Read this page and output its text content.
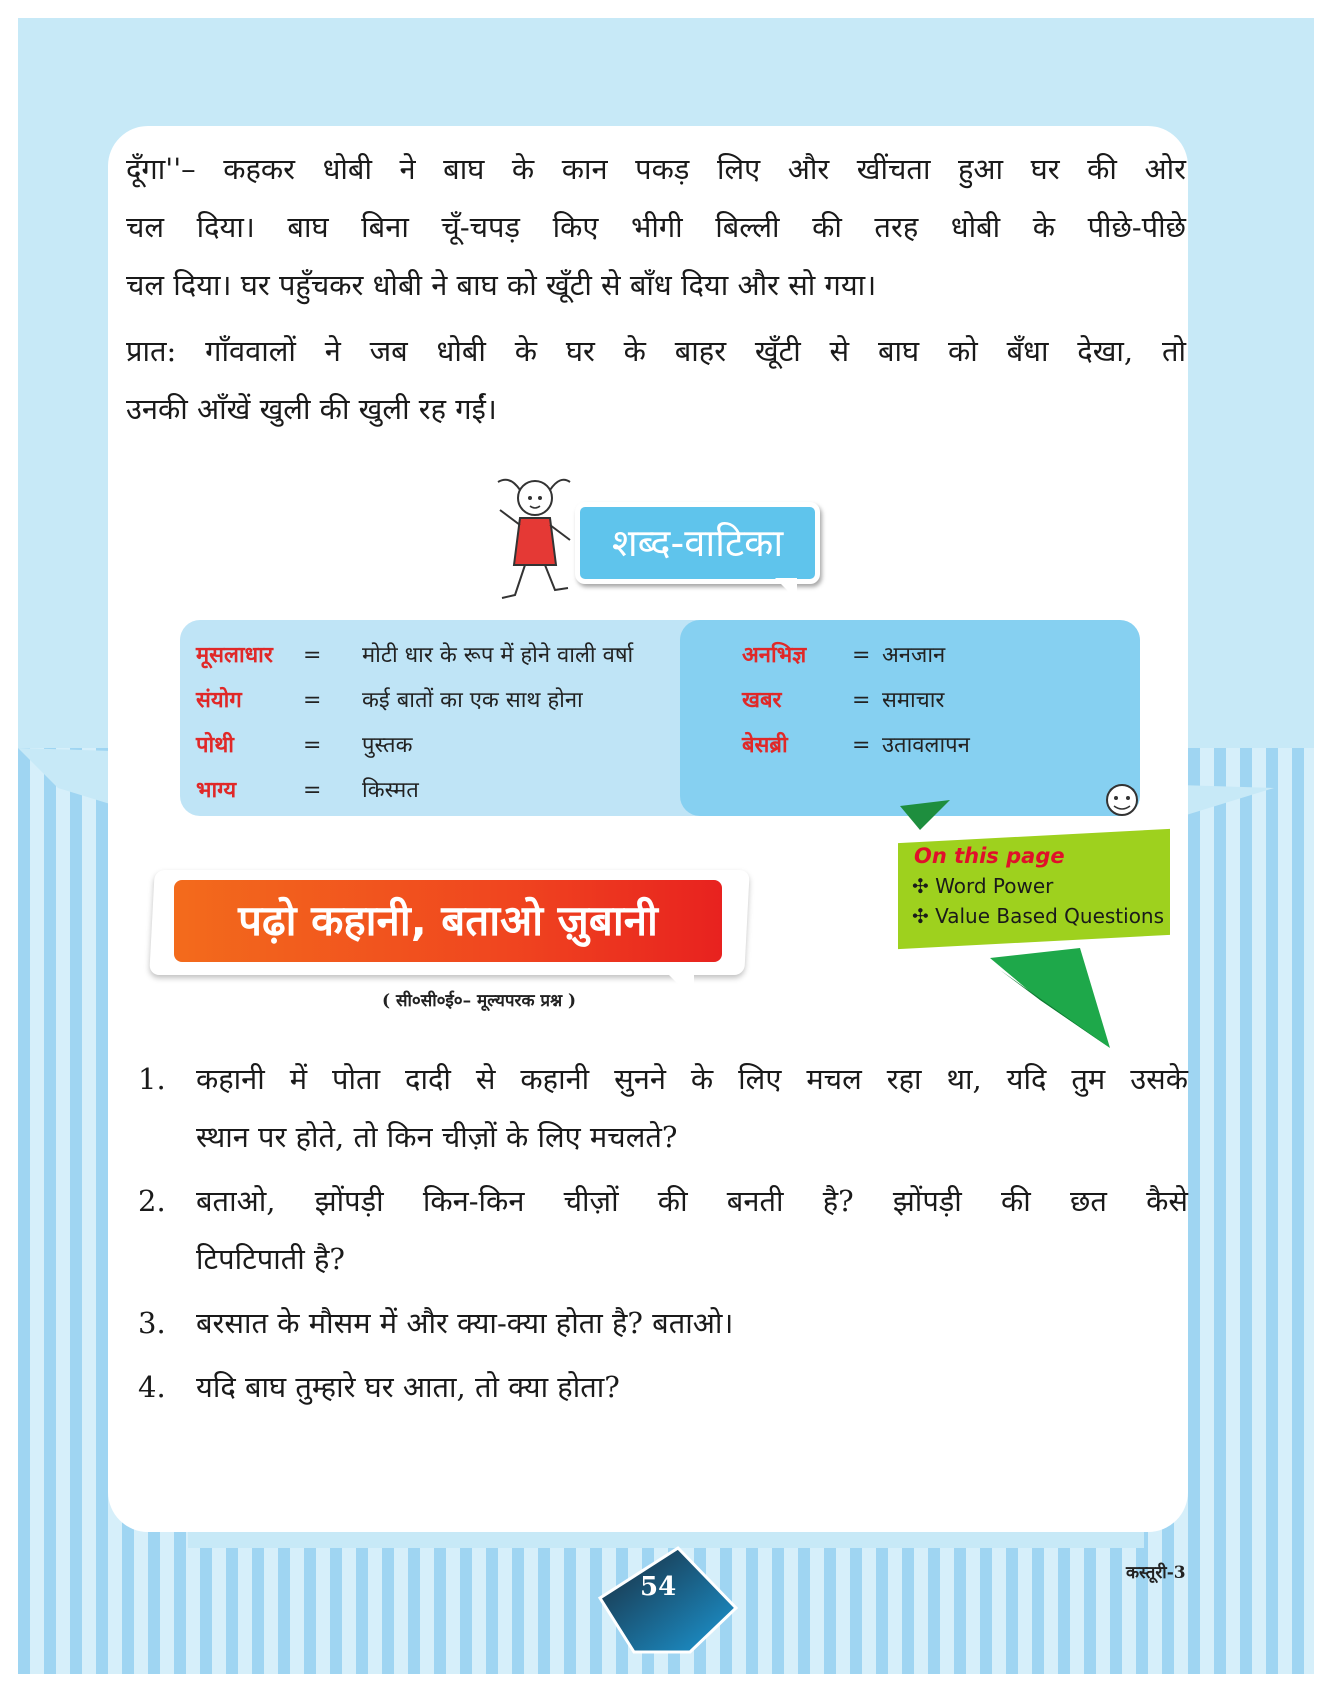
दूँगा''– कहकर धोबी ने बाघ के कान पकड़ लिए और खींचता हुआ घर की ओर
चल दिया। बाघ बिना चूँ-चपड़ किए भीगी बिल्ली की तरह धोबी के पीछे-पीछे
चल दिया। घर पहुँचकर धोबी ने बाघ को खूँटी से बाँध दिया और सो गया।
प्रात: गाँववालों ने जब धोबी के घर के बाहर खूँटी से बाघ को बँधा देखा, तो
उनकी आँखें खुली की खुली रह गईं।
शब्द-वाटिका
मूसलाधार = मोटी धार के रूप में होने वाली वर्षा
संयोग	= कई बातों का एक साथ होना
पोथी	= पुस्तक
भाग्य	= किस्मत
अनभिज्ञ = अनजान
खबर	= समाचार
बेसब्री	= उतावलापन
On this page
✣ Word Power
✣ Value Based Questions
पढ़ो कहानी, बताओ ज़ुबानी
( सी०सी०ई०– मूल्यपरक प्रश्न )
1. कहानी में पोता दादी से कहानी सुनने के लिए मचल रहा था, यदि तुम उसके
स्थान पर होते, तो किन चीज़ों के लिए मचलते?
2. बताओ, झोंपड़ी किन-किन चीज़ों की बनती है? झोंपड़ी की छत कैसे
टिपटिपाती है?
3. बरसात के मौसम में और क्या-क्या होता है? बताओ।
4. यदि बाघ तुम्हारे घर आता, तो क्या होता?
54	कस्तूरी-3
